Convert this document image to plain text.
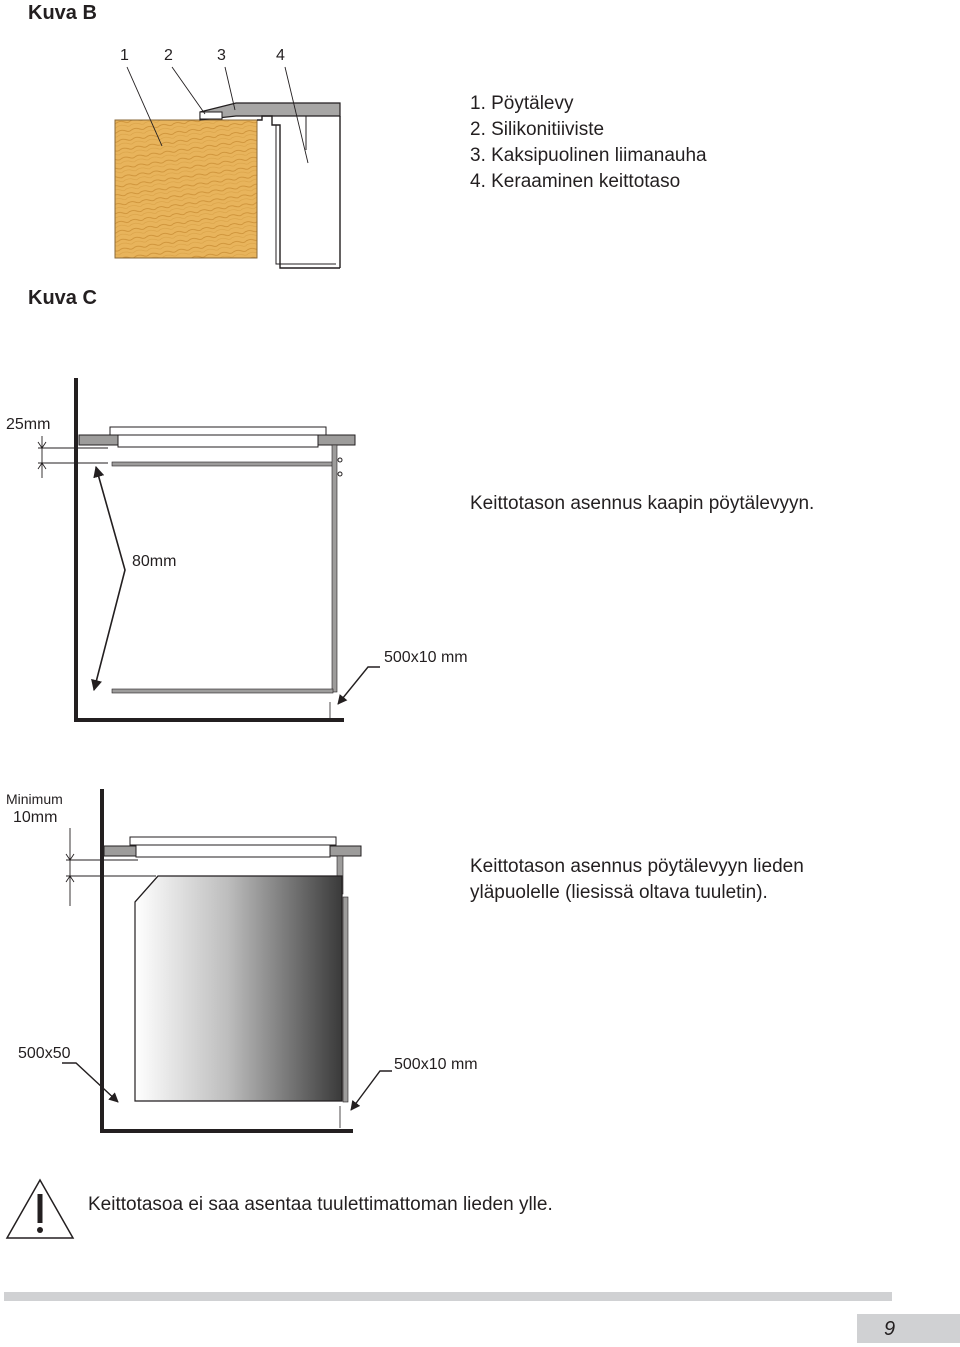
Kuva B
1 2	3	4
1. Pöytälevy
2. Silikonitiiviste
3. Kaksipuolinen liimanauha
4. Keraaminen keittotaso
Kuva C
25mm
Keittotason asennus kaapin pöytälevyyn.
80mm
500x10 mm
Minimum
10mm
Keittotason asennus pöytälevyyn lieden
yläpuolelle (liesissä oltava tuuletin).
500x50
500x10 mm
Keittotasoa ei saa asentaa tuulettimattoman lieden ylle.
9
